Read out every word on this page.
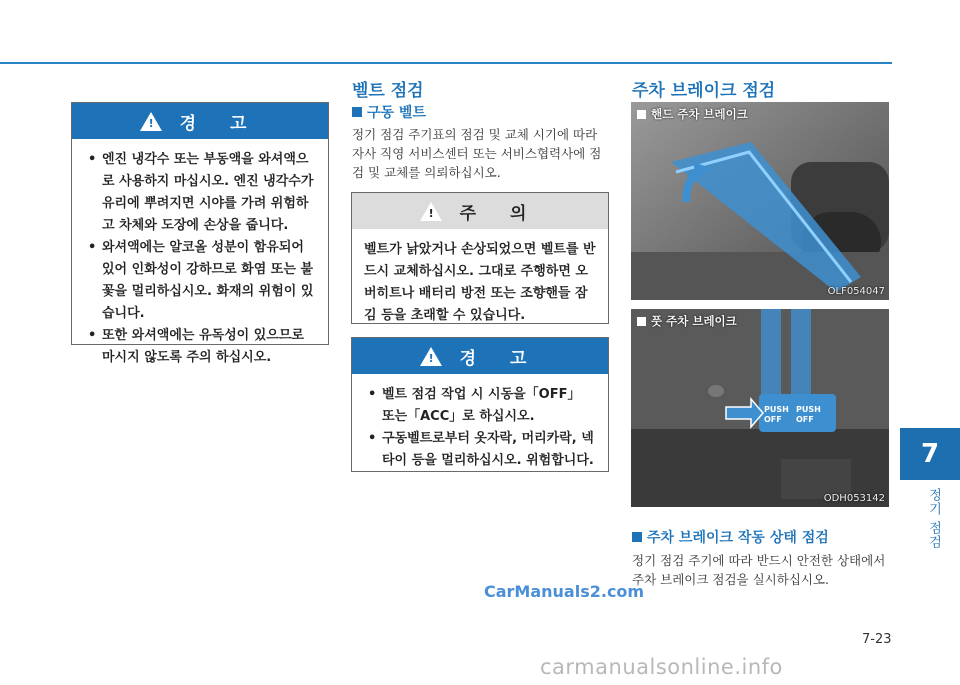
! 경 고
• 엔진 냉각수 또는 부동액을 와셔액으로 사용하지 마십시오. 엔진 냉각수가 유리에 뿌려지면 시야를 가려 위험하고 차체와 도장에 손상을 줍니다.
• 와셔액에는 알코올 성분이 함유되어 있어 인화성이 강하므로 화염 또는 불꽃을 멀리하십시오. 화재의 위험이 있습니다.
• 또한 와셔액에는 유독성이 있으므로 마시지 않도록 주의 하십시오.
벨트 점검
구동 벨트
정기 점검 주기표의 점검 및 교체 시기에 따라 자사 직영 서비스센터 또는 서비스협력사에 점검 및 교체를 의뢰하십시오.
! 주 의

벨트가 낡았거나 손상되었으면 벨트를 반드시 교체하십시오. 그대로 주행하면 오버히트나 배터리 방전 또는 조향핸들 잠김 등을 초래할 수 있습니다.

! 경 고
• 벨트 점검 작업 시 시동을「OFF」 또는「ACC」로 하십시오.
• 구동벨트로부터 옷자락, 머리카락, 넥타이 등을 멀리하십시오. 위험합니다.
주차 브레이크 점검
핸드 주차 브레이크
OLF054047
PUSH OFF
PUSH OFF
풋 주차 브레이크
ODH053142
주차 브레이크 작동 상태 점검
정기 점검 주기에 따라 반드시 안전한 상태에서 주차 브레이크 점검을 실시하십시오.
7
정기 점검
CarManuals2.com
7-23
carmanualsonline.info
